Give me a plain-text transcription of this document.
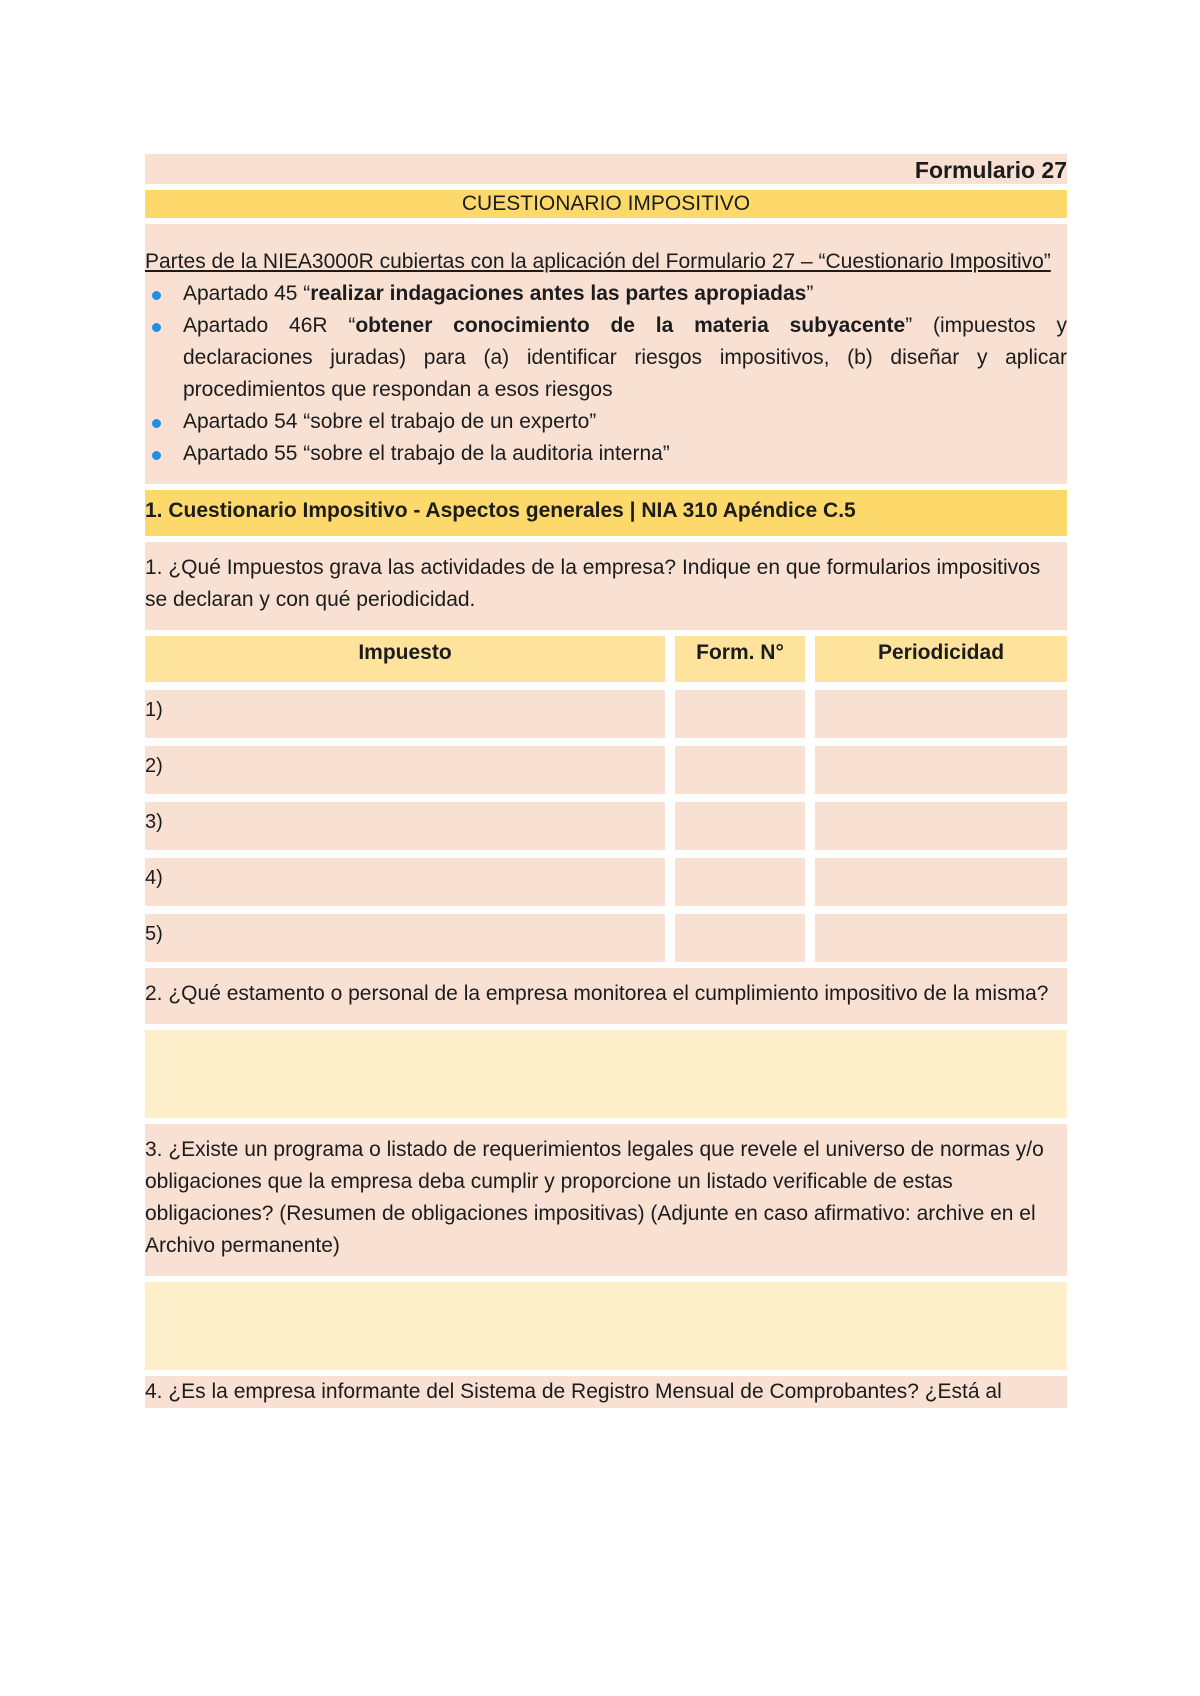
Formulario 27
CUESTIONARIO IMPOSITIVO
Partes de la NIEA3000R cubiertas con la aplicación del Formulario 27 – “Cuestionario Impositivo”
Apartado 45 “realizar indagaciones antes las partes apropiadas”
Apartado 46R “obtener conocimiento de la materia subyacente” (impuestos y declaraciones juradas) para (a) identificar riesgos impositivos, (b) diseñar y aplicar procedimientos que respondan a esos riesgos
Apartado 54 “sobre el trabajo de un experto”
Apartado 55 “sobre el trabajo de la auditoria interna”
1. Cuestionario Impositivo - Aspectos generales | NIA 310 Apéndice C.5
1. ¿Qué Impuestos grava las actividades de la empresa? Indique en que formularios impositivos se declaran y con qué periodicidad.
Impuesto		Form. N°		Periodicidad

1)				

2)				

3)				

4)				

5)				
2. ¿Qué estamento o personal de la empresa monitorea el cumplimiento impositivo de la misma?
3. ¿Existe un programa o listado de requerimientos legales que revele el universo de normas y/o obligaciones que la empresa deba cumplir y proporcione un listado verificable de estas obligaciones? (Resumen de obligaciones impositivas) (Adjunte en caso afirmativo: archive en el Archivo permanente)
4. ¿Es la empresa informante del Sistema de Registro Mensual de Comprobantes? ¿Está al
